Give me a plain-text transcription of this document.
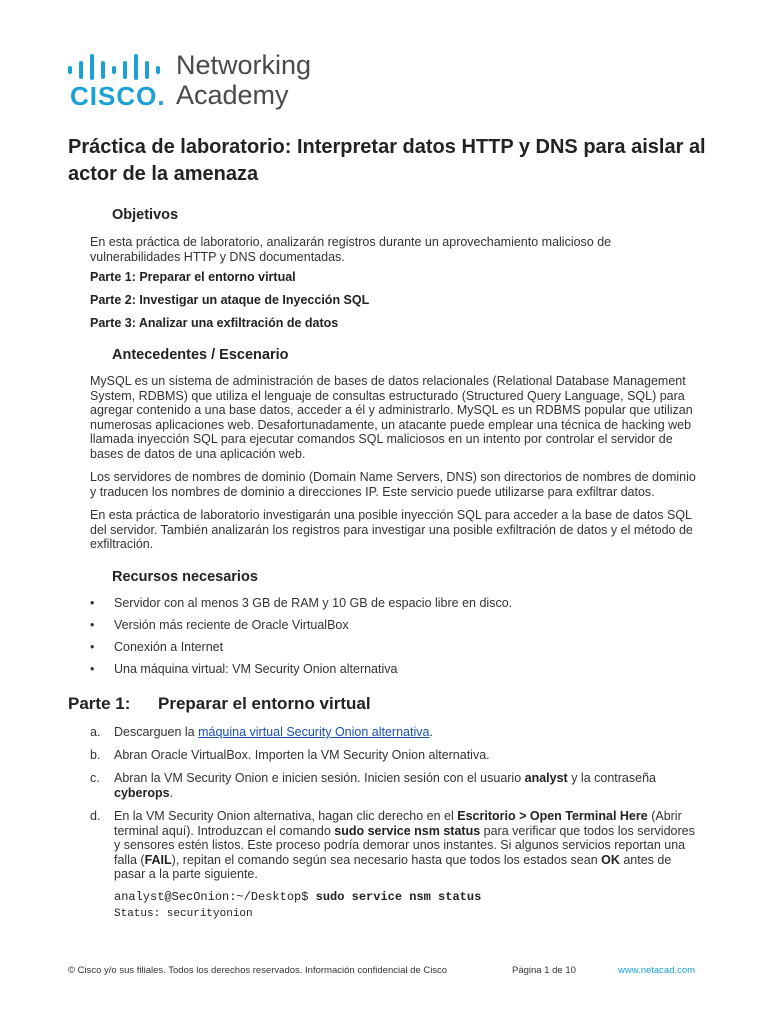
CISCO.
Networking
Academy
Práctica de laboratorio: Interpretar datos HTTP y DNS para aislar al actor de la amenaza
Objetivos
En esta práctica de laboratorio, analizarán registros durante un aprovechamiento malicioso de vulnerabilidades HTTP y DNS documentadas.
Parte 1: Preparar el entorno virtual
Parte 2: Investigar un ataque de Inyección SQL
Parte 3: Analizar una exfiltración de datos
Antecedentes / Escenario
MySQL es un sistema de administración de bases de datos relacionales (Relational Database Management System, RDBMS) que utiliza el lenguaje de consultas estructurado (Structured Query Language, SQL) para agregar contenido a una base datos, acceder a él y administrarlo. MySQL es un RDBMS popular que utilizan numerosas aplicaciones web. Desafortunadamente, un atacante puede emplear una técnica de hacking web llamada inyección SQL para ejecutar comandos SQL maliciosos en un intento por controlar el servidor de bases de datos de una aplicación web.
Los servidores de nombres de dominio (Domain Name Servers, DNS) son directorios de nombres de dominio y traducen los nombres de dominio a direcciones IP. Este servicio puede utilizarse para exfiltrar datos.
En esta práctica de laboratorio investigarán una posible inyección SQL para acceder a la base de datos SQL del servidor. También analizarán los registros para investigar una posible exfiltración de datos y el método de exfiltración.
Recursos necesarios
• Servidor con al menos 3 GB de RAM y 10 GB de espacio libre en disco.
• Versión más reciente de Oracle VirtualBox
• Conexión a Internet
• Una máquina virtual: VM Security Onion alternativa
Parte 1: Preparar el entorno virtual
a. Descarguen la máquina virtual Security Onion alternativa.
b. Abran Oracle VirtualBox. Importen la VM Security Onion alternativa.
c. Abran la VM Security Onion e inicien sesión. Inicien sesión con el usuario analyst y la contraseña cyberops.
d. En la VM Security Onion alternativa, hagan clic derecho en el Escritorio > Open Terminal Here (Abrir terminal aquí). Introduzcan el comando sudo service nsm status para verificar que todos los servidores y sensores estén listos. Este proceso podría demorar unos instantes. Si algunos servicios reportan una falla (FAIL), repitan el comando según sea necesario hasta que todos los estados sean OK antes de pasar a la parte siguiente.
analyst@SecOnion:~/Desktop$ sudo service nsm status
Status: securityonion
© Cisco y/o sus filiales. Todos los derechos reservados. Información confidencial de Cisco	Página 1 de 10	www.netacad.com
